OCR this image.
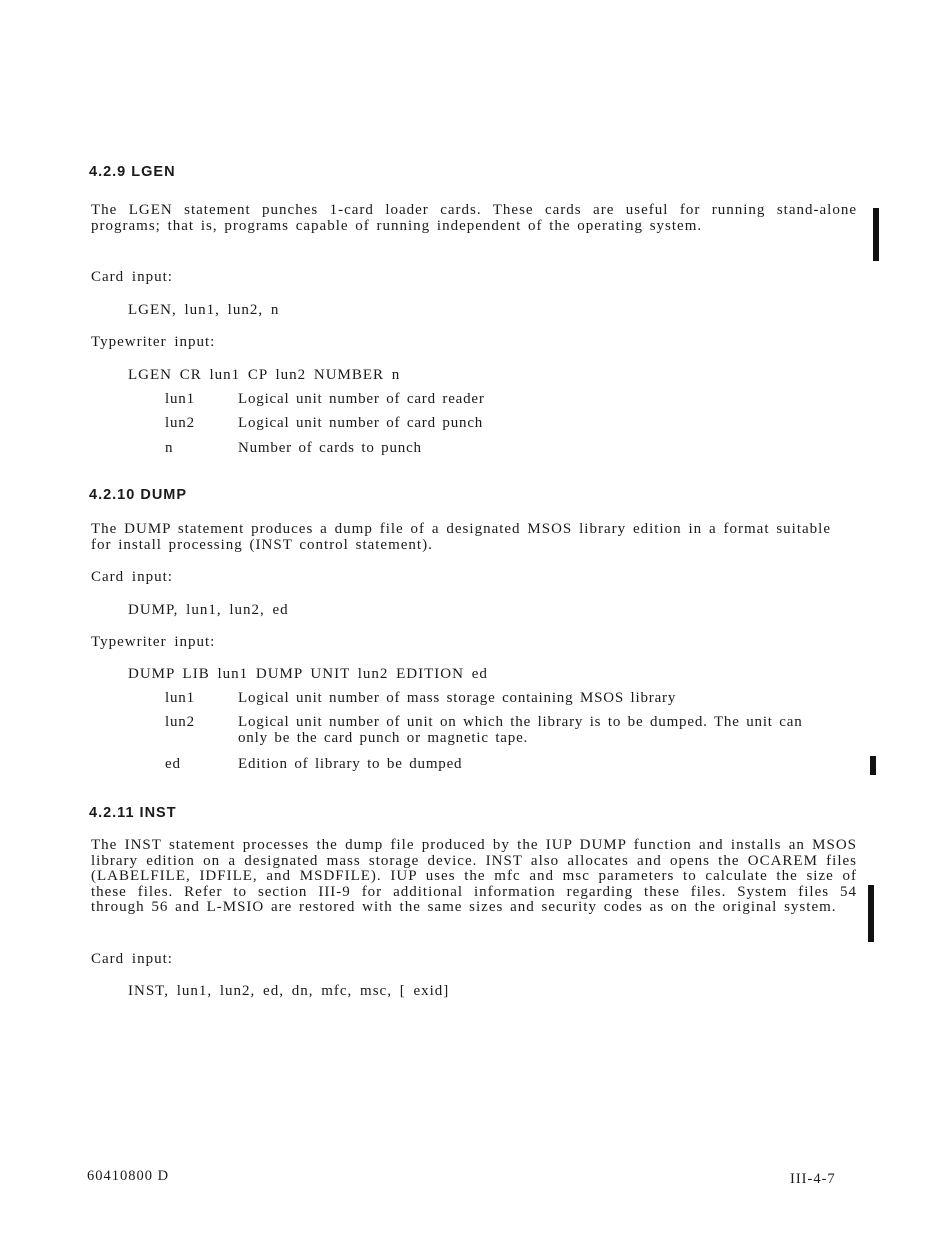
4.2.9 LGEN
The LGEN statement punches 1-card loader cards. These cards are useful for running stand-alone programs; that is, programs capable of running independent of the operating system.
Card input:
LGEN, lun1, lun2, n
Typewriter input:
LGEN CR lun1 CP lun2 NUMBER n
lun1	Logical unit number of card reader
lun2	Logical unit number of card punch
n	Number of cards to punch
4.2.10 DUMP
The DUMP statement produces a dump file of a designated MSOS library edition in a format suitable for install processing (INST control statement).
Card input:
DUMP, lun1, lun2, ed
Typewriter input:
DUMP LIB lun1 DUMP UNIT lun2 EDITION ed
lun1	Logical unit number of mass storage containing MSOS library
lun2	Logical unit number of unit on which the library is to be dumped. The unit can only be the card punch or magnetic tape.
ed	Edition of library to be dumped
4.2.11 INST
The INST statement processes the dump file produced by the IUP DUMP function and installs an MSOS library edition on a designated mass storage device. INST also allocates and opens the OCAREM files (LABELFILE, IDFILE, and MSDFILE). IUP uses the mfc and msc parameters to calculate the size of these files. Refer to section III-9 for additional information regarding these files. System files 54 through 56 and L-MSIO are restored with the same sizes and security codes as on the original system.
Card input:
INST, lun1, lun2, ed, dn, mfc, msc, [ exid]
60410800 D	III-4-7
